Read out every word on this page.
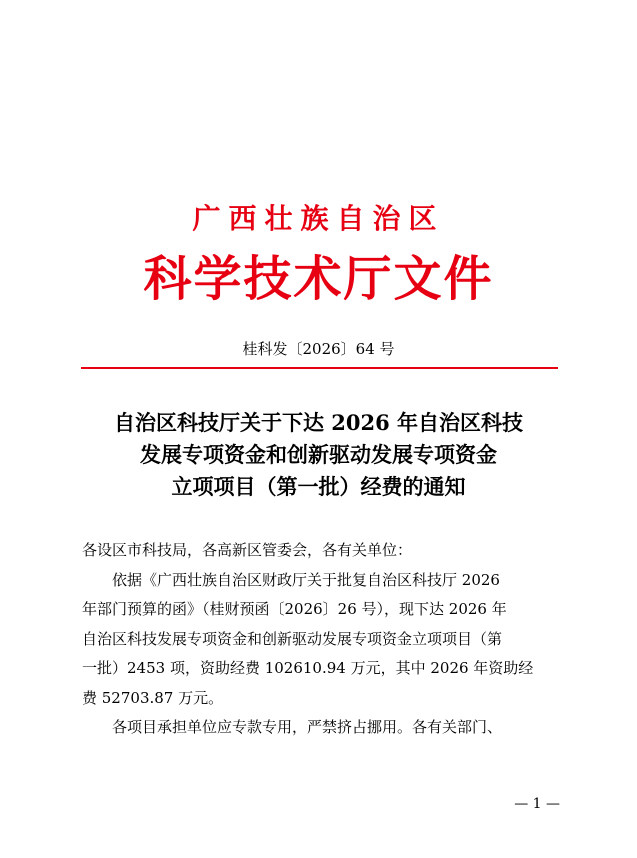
广西壮族自治区
科学技术厅文件
桂科发〔2026〕64 号
自治区科技厅关于下达 2026 年自治区科技
发展专项资金和创新驱动发展专项资金
立项项目（第一批）经费的通知

各设区市科技局，各高新区管委会，各有关单位：

依据《广西壮族自治区财政厅关于批复自治区科技厅 2026
年部门预算的函》（桂财预函〔2026〕26 号），现下达 2026 年
自治区科技发展专项资金和创新驱动发展专项资金立项项目（第
一批）2453 项，资助经费 102610.94 万元，其中 2026 年资助经
费 52703.87 万元。

各项目承担单位应专款专用，严禁挤占挪用。各有关部门、

— 1 —
